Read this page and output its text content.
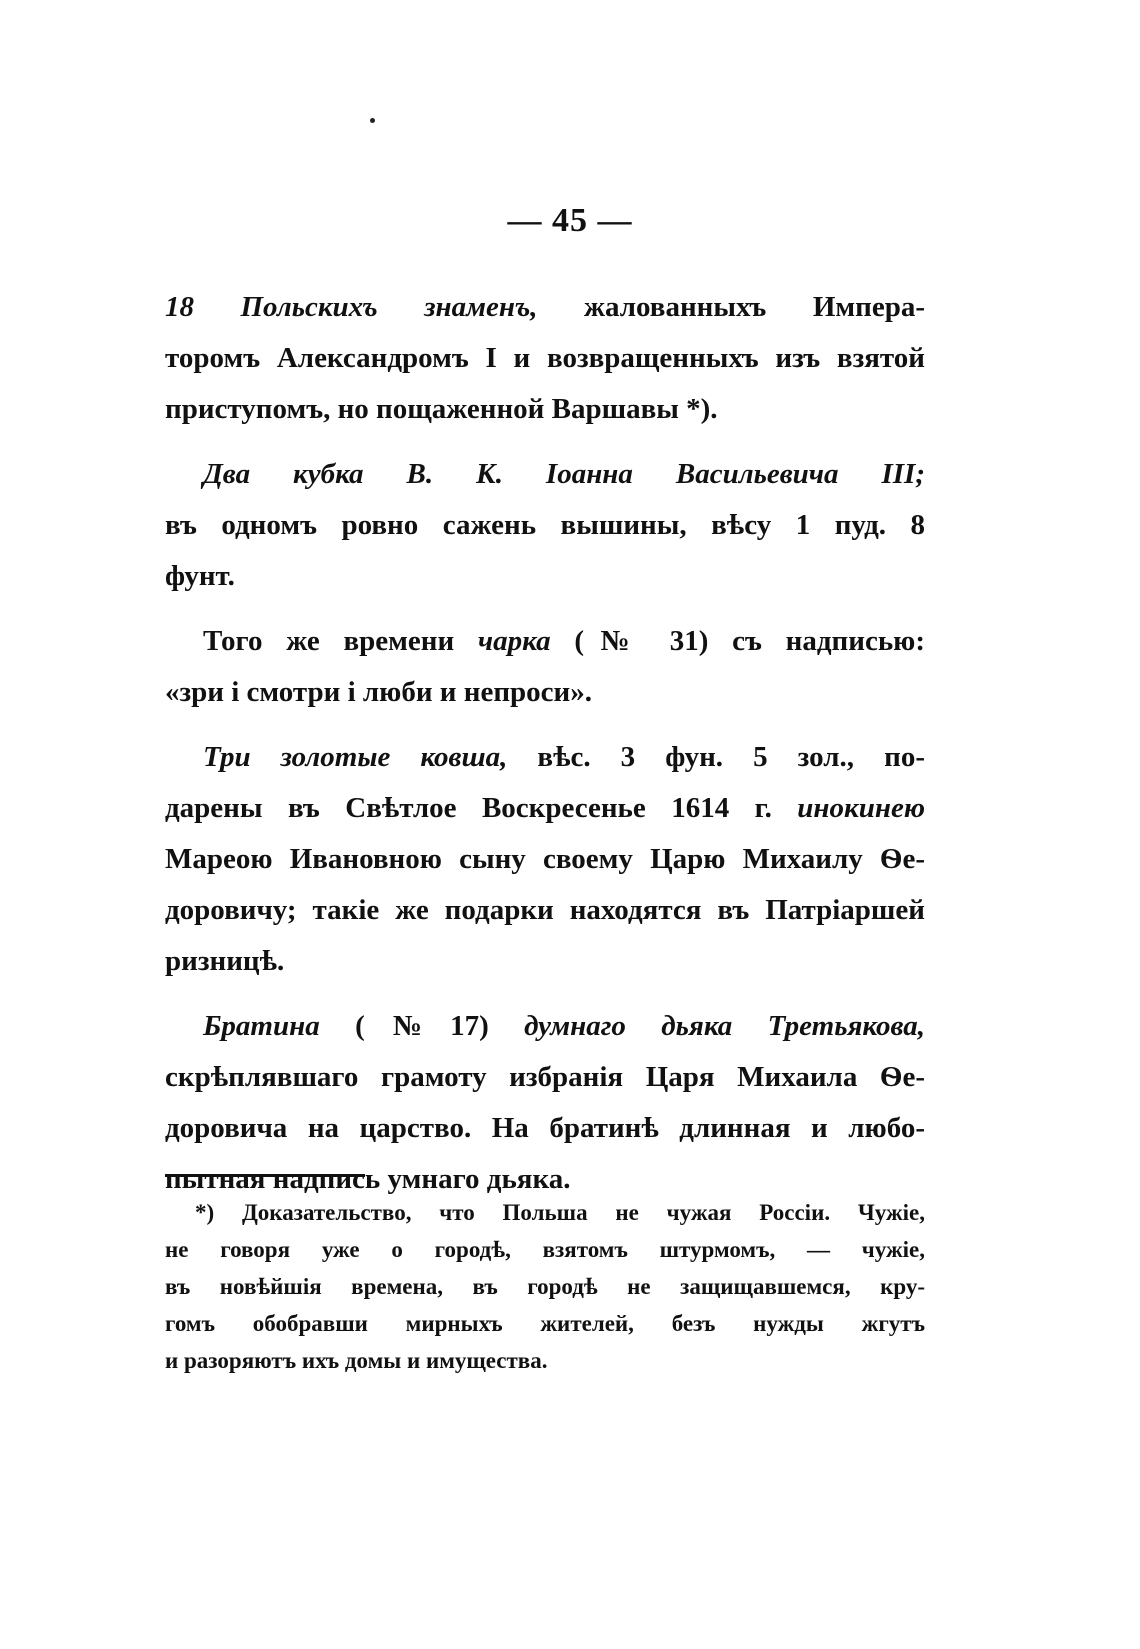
— 45 —
18 Польскихъ знаменъ, жалованныхъ Импера-
торомъ Александромъ I и возвращенныхъ изъ взятой
приступомъ, но пощаженной Варшавы *).
Два кубка В. К. Іоанна Васильевича III;
въ одномъ ровно сажень вышины, вѣсу 1 пуд. 8
фунт.
Того же времени чарка (№ 31) съ надписью:
«зри і смотри і люби и непроси».
Три золотые ковша, вѣс. 3 фун. 5 зол., по-
дарены въ Свѣтлое Воскресенье 1614 г. инокинею
Мареою Ивановною сыну своему Царю Михаилу Ѳе-
доровичу; такіе же подарки находятся въ Патріаршей
ризницѣ.
Братина (№17) думнаго дьяка Третьякова,
скрѣплявшаго грамоту избранія Царя Михаила Ѳе-
доровича на царство. На братинѣ длинная и любо-
пытная надпись умнаго дьяка.
*) Доказательство, что Польша не чужая Россіи. Чужіе,
не говоря уже о городѣ, взятомъ штурмомъ, — чужіе,
въ новѣйшія времена, въ городѣ не защищавшемся, кру-
гомъ обобравши мирныхъ жителей, безъ нужды жгутъ
и разоряютъ ихъ домы и имущества.
